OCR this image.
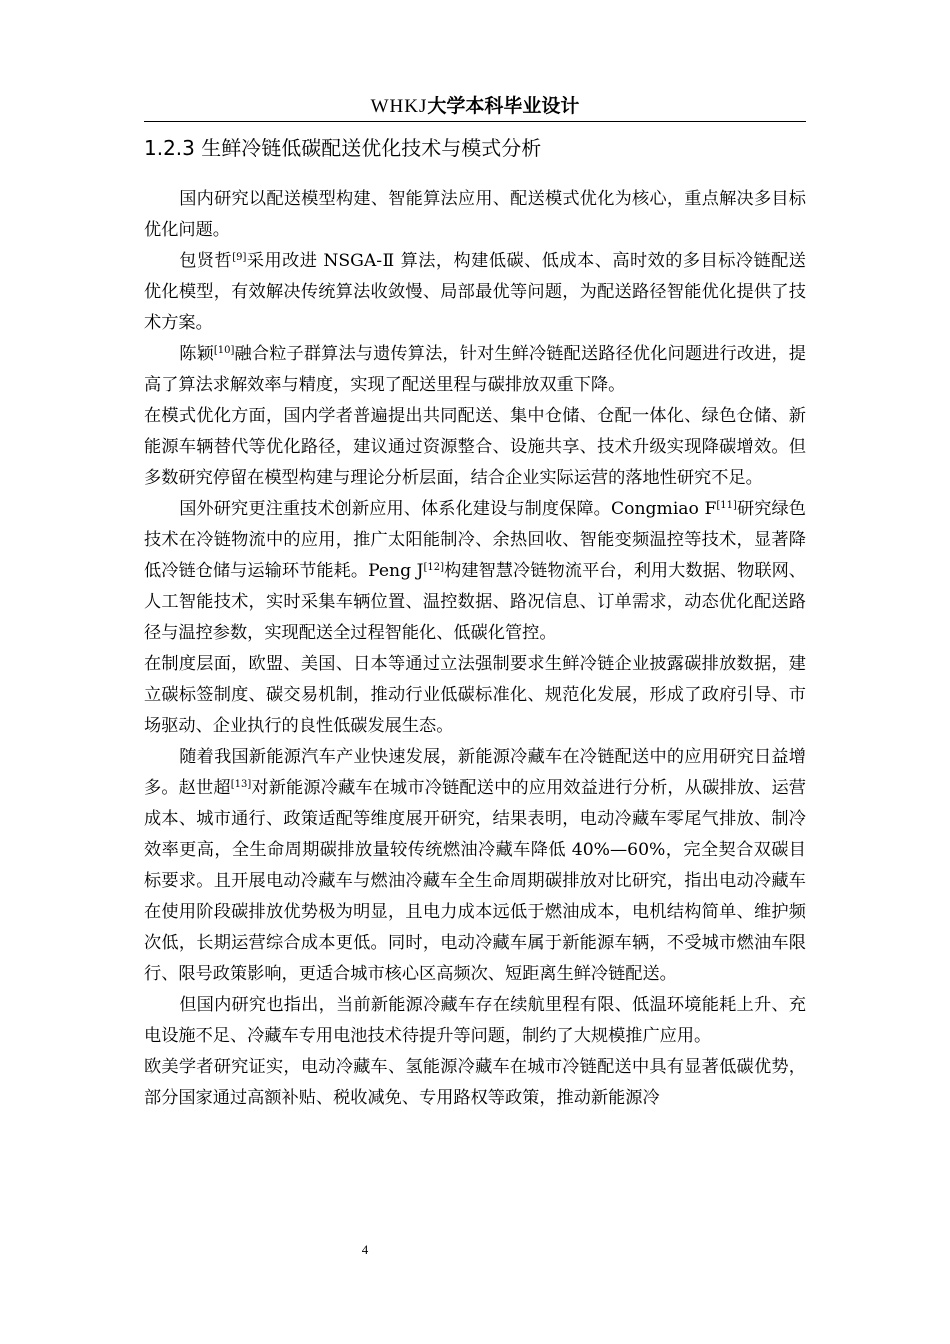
WHKJ大学本科毕业设计
1.2.3 生鲜冷链低碳配送优化技术与模式分析

国内研究以配送模型构建、智能算法应用、配送模式优化为核心，重点解决多目标优化问题。

包贤哲[9]采用改进 NSGA-Ⅱ 算法，构建低碳、低成本、高时效的多目标冷链配送优化模型，有效解决传统算法收敛慢、局部最优等问题，为配送路径智能优化提供了技术方案。

陈颖[10]融合粒子群算法与遗传算法，针对生鲜冷链配送路径优化问题进行改进，提高了算法求解效率与精度，实现了配送里程与碳排放双重下降。

在模式优化方面，国内学者普遍提出共同配送、集中仓储、仓配一体化、绿色仓储、新能源车辆替代等优化路径，建议通过资源整合、设施共享、技术升级实现降碳增效。但多数研究停留在模型构建与理论分析层面，结合企业实际运营的落地性研究不足。

国外研究更注重技术创新应用、体系化建设与制度保障。Congmiao F[11]研究绿色技术在冷链物流中的应用，推广太阳能制冷、余热回收、智能变频温控等技术，显著降低冷链仓储与运输环节能耗。Peng J[12]构建智慧冷链物流平台，利用大数据、物联网、人工智能技术，实时采集车辆位置、温控数据、路况信息、订单需求，动态优化配送路径与温控参数，实现配送全过程智能化、低碳化管控。

在制度层面，欧盟、美国、日本等通过立法强制要求生鲜冷链企业披露碳排放数据，建立碳标签制度、碳交易机制，推动行业低碳标准化、规范化发展，形成了政府引导、市场驱动、企业执行的良性低碳发展生态。

随着我国新能源汽车产业快速发展，新能源冷藏车在冷链配送中的应用研究日益增多。赵世超[13]对新能源冷藏车在城市冷链配送中的应用效益进行分析，从碳排放、运营成本、城市通行、政策适配等维度展开研究，结果表明，电动冷藏车零尾气排放、制冷效率更高，全生命周期碳排放量较传统燃油冷藏车降低 40%—60%，完全契合双碳目标要求。且开展电动冷藏车与燃油冷藏车全生命周期碳排放对比研究，指出电动冷藏车在使用阶段碳排放优势极为明显，且电力成本远低于燃油成本，电机结构简单、维护频次低，长期运营综合成本更低。同时，电动冷藏车属于新能源车辆，不受城市燃油车限行、限号政策影响，更适合城市核心区高频次、短距离生鲜冷链配送。

但国内研究也指出，当前新能源冷藏车存在续航里程有限、低温环境能耗上升、充电设施不足、冷藏车专用电池技术待提升等问题，制约了大规模推广应用。

欧美学者研究证实，电动冷藏车、氢能源冷藏车在城市冷链配送中具有显著低碳优势，部分国家通过高额补贴、税收减免、专用路权等政策，推动新能源冷

4
